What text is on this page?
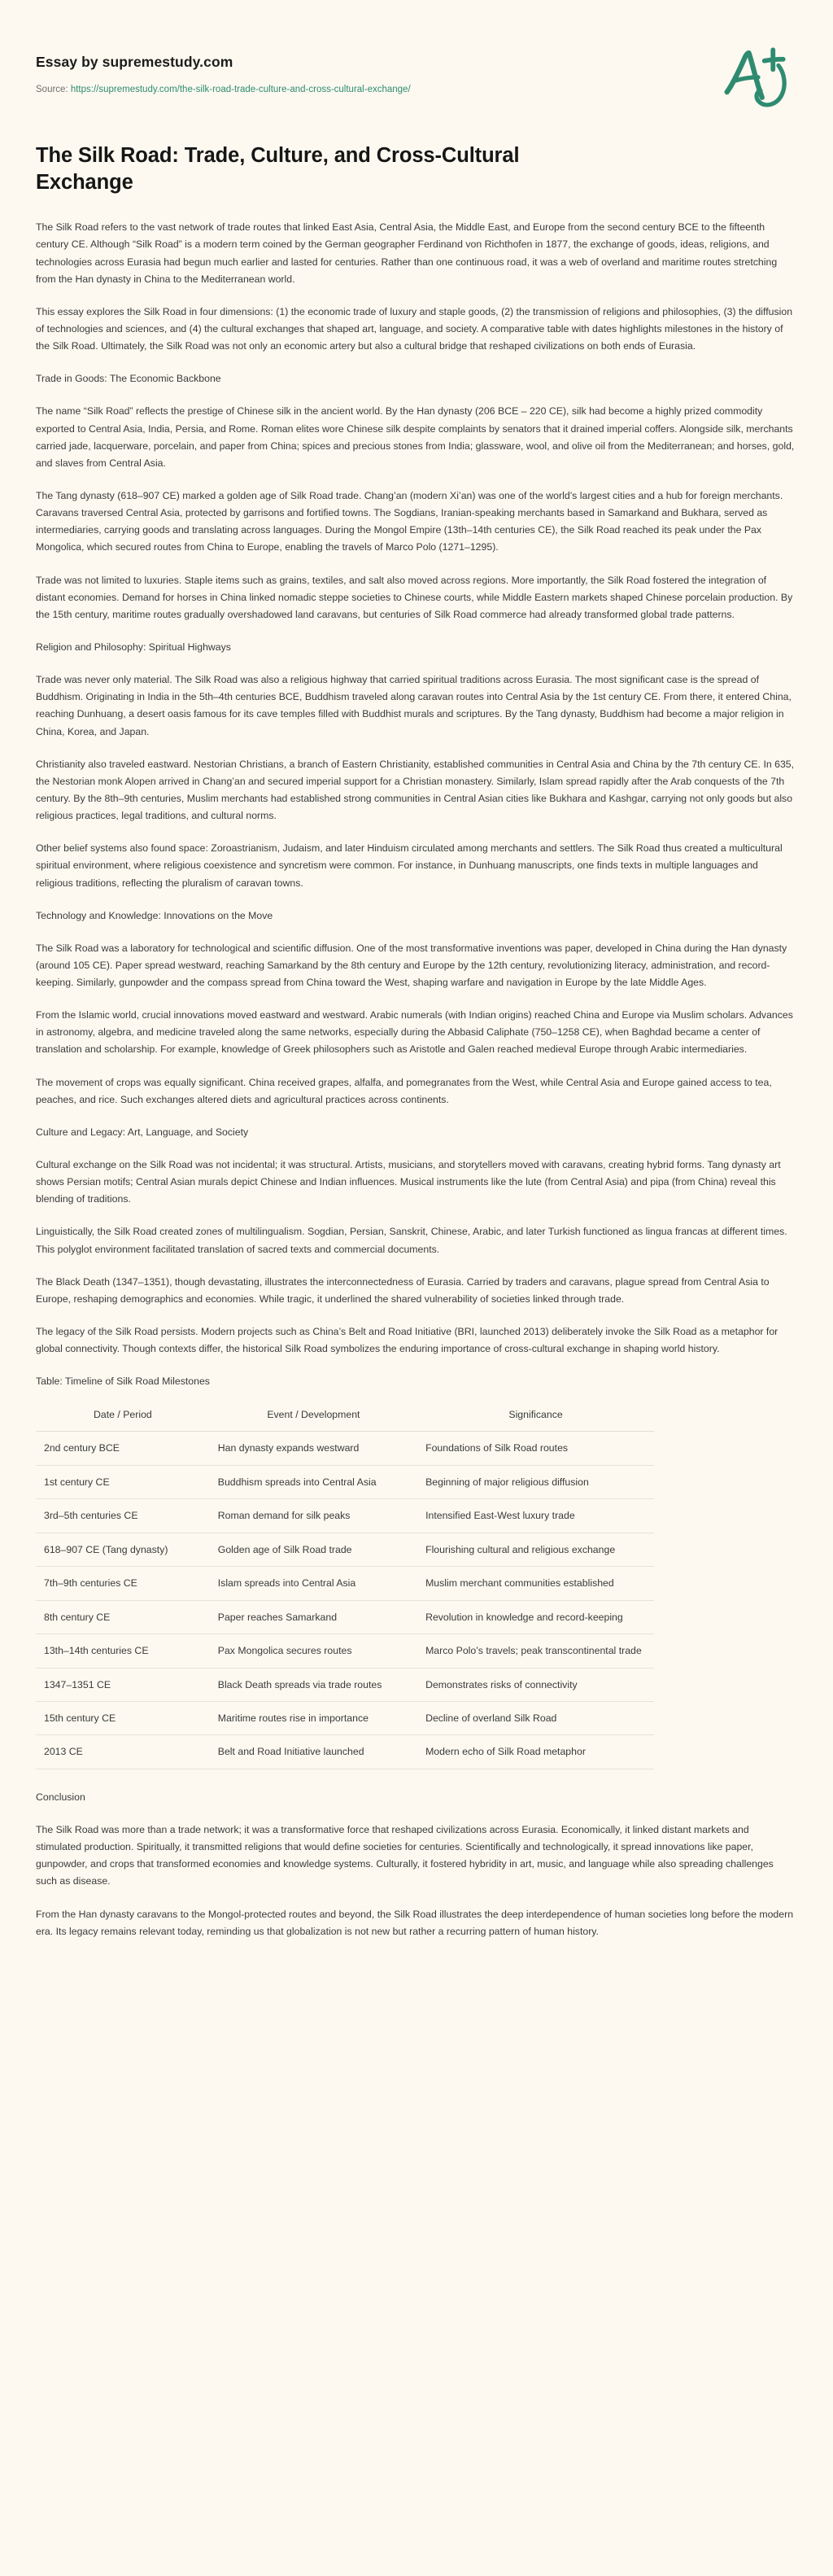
Essay by supremestudy.com
Source: https://supremestudy.com/the-silk-road-trade-culture-and-cross-cultural-exchange/
The Silk Road: Trade, Culture, and Cross-Cultural Exchange

The Silk Road refers to the vast network of trade routes that linked East Asia, Central Asia, the Middle East, and Europe from the second century BCE to the fifteenth century CE. Although “Silk Road” is a modern term coined by the German geographer Ferdinand von Richthofen in 1877, the exchange of goods, ideas, religions, and technologies across Eurasia had begun much earlier and lasted for centuries. Rather than one continuous road, it was a web of overland and maritime routes stretching from the Han dynasty in China to the Mediterranean world.

This essay explores the Silk Road in four dimensions: (1) the economic trade of luxury and staple goods, (2) the transmission of religions and philosophies, (3) the diffusion of technologies and sciences, and (4) the cultural exchanges that shaped art, language, and society. A comparative table with dates highlights milestones in the history of the Silk Road. Ultimately, the Silk Road was not only an economic artery but also a cultural bridge that reshaped civilizations on both ends of Eurasia.

Trade in Goods: The Economic Backbone

The name “Silk Road” reflects the prestige of Chinese silk in the ancient world. By the Han dynasty (206 BCE – 220 CE), silk had become a highly prized commodity exported to Central Asia, India, Persia, and Rome. Roman elites wore Chinese silk despite complaints by senators that it drained imperial coffers. Alongside silk, merchants carried jade, lacquerware, porcelain, and paper from China; spices and precious stones from India; glassware, wool, and olive oil from the Mediterranean; and horses, gold, and slaves from Central Asia.

The Tang dynasty (618–907 CE) marked a golden age of Silk Road trade. Chang’an (modern Xi’an) was one of the world’s largest cities and a hub for foreign merchants. Caravans traversed Central Asia, protected by garrisons and fortified towns. The Sogdians, Iranian-speaking merchants based in Samarkand and Bukhara, served as intermediaries, carrying goods and translating across languages. During the Mongol Empire (13th–14th centuries CE), the Silk Road reached its peak under the Pax Mongolica, which secured routes from China to Europe, enabling the travels of Marco Polo (1271–1295).

Trade was not limited to luxuries. Staple items such as grains, textiles, and salt also moved across regions. More importantly, the Silk Road fostered the integration of distant economies. Demand for horses in China linked nomadic steppe societies to Chinese courts, while Middle Eastern markets shaped Chinese porcelain production. By the 15th century, maritime routes gradually overshadowed land caravans, but centuries of Silk Road commerce had already transformed global trade patterns.

Religion and Philosophy: Spiritual Highways

Trade was never only material. The Silk Road was also a religious highway that carried spiritual traditions across Eurasia. The most significant case is the spread of Buddhism. Originating in India in the 5th–4th centuries BCE, Buddhism traveled along caravan routes into Central Asia by the 1st century CE. From there, it entered China, reaching Dunhuang, a desert oasis famous for its cave temples filled with Buddhist murals and scriptures. By the Tang dynasty, Buddhism had become a major religion in China, Korea, and Japan.

Christianity also traveled eastward. Nestorian Christians, a branch of Eastern Christianity, established communities in Central Asia and China by the 7th century CE. In 635, the Nestorian monk Alopen arrived in Chang’an and secured imperial support for a Christian monastery. Similarly, Islam spread rapidly after the Arab conquests of the 7th century. By the 8th–9th centuries, Muslim merchants had established strong communities in Central Asian cities like Bukhara and Kashgar, carrying not only goods but also religious practices, legal traditions, and cultural norms.

Other belief systems also found space: Zoroastrianism, Judaism, and later Hinduism circulated among merchants and settlers. The Silk Road thus created a multicultural spiritual environment, where religious coexistence and syncretism were common. For instance, in Dunhuang manuscripts, one finds texts in multiple languages and religious traditions, reflecting the pluralism of caravan towns.

Technology and Knowledge: Innovations on the Move

The Silk Road was a laboratory for technological and scientific diffusion. One of the most transformative inventions was paper, developed in China during the Han dynasty (around 105 CE). Paper spread westward, reaching Samarkand by the 8th century and Europe by the 12th century, revolutionizing literacy, administration, and record-keeping. Similarly, gunpowder and the compass spread from China toward the West, shaping warfare and navigation in Europe by the late Middle Ages.

From the Islamic world, crucial innovations moved eastward and westward. Arabic numerals (with Indian origins) reached China and Europe via Muslim scholars. Advances in astronomy, algebra, and medicine traveled along the same networks, especially during the Abbasid Caliphate (750–1258 CE), when Baghdad became a center of translation and scholarship. For example, knowledge of Greek philosophers such as Aristotle and Galen reached medieval Europe through Arabic intermediaries.

The movement of crops was equally significant. China received grapes, alfalfa, and pomegranates from the West, while Central Asia and Europe gained access to tea, peaches, and rice. Such exchanges altered diets and agricultural practices across continents.

Culture and Legacy: Art, Language, and Society

Cultural exchange on the Silk Road was not incidental; it was structural. Artists, musicians, and storytellers moved with caravans, creating hybrid forms. Tang dynasty art shows Persian motifs; Central Asian murals depict Chinese and Indian influences. Musical instruments like the lute (from Central Asia) and pipa (from China) reveal this blending of traditions.

Linguistically, the Silk Road created zones of multilingualism. Sogdian, Persian, Sanskrit, Chinese, Arabic, and later Turkish functioned as lingua francas at different times. This polyglot environment facilitated translation of sacred texts and commercial documents.

The Black Death (1347–1351), though devastating, illustrates the interconnectedness of Eurasia. Carried by traders and caravans, plague spread from Central Asia to Europe, reshaping demographics and economies. While tragic, it underlined the shared vulnerability of societies linked through trade.

The legacy of the Silk Road persists. Modern projects such as China’s Belt and Road Initiative (BRI, launched 2013) deliberately invoke the Silk Road as a metaphor for global connectivity. Though contexts differ, the historical Silk Road symbolizes the enduring importance of cross-cultural exchange in shaping world history.

Table: Timeline of Silk Road Milestones

Date / Period	Event / Development	Significance
2nd century BCE	Han dynasty expands westward	Foundations of Silk Road routes
1st century CE	Buddhism spreads into Central Asia	Beginning of major religious diffusion
3rd–5th centuries CE	Roman demand for silk peaks	Intensified East-West luxury trade
618–907 CE (Tang dynasty)	Golden age of Silk Road trade	Flourishing cultural and religious exchange
7th–9th centuries CE	Islam spreads into Central Asia	Muslim merchant communities established
8th century CE	Paper reaches Samarkand	Revolution in knowledge and record-keeping
13th–14th centuries CE	Pax Mongolica secures routes	Marco Polo’s travels; peak transcontinental trade
1347–1351 CE	Black Death spreads via trade routes	Demonstrates risks of connectivity
15th century CE	Maritime routes rise in importance	Decline of overland Silk Road
2013 CE	Belt and Road Initiative launched	Modern echo of Silk Road metaphor

Conclusion

The Silk Road was more than a trade network; it was a transformative force that reshaped civilizations across Eurasia. Economically, it linked distant markets and stimulated production. Spiritually, it transmitted religions that would define societies for centuries. Scientifically and technologically, it spread innovations like paper, gunpowder, and crops that transformed economies and knowledge systems. Culturally, it fostered hybridity in art, music, and language while also spreading challenges such as disease.

From the Han dynasty caravans to the Mongol-protected routes and beyond, the Silk Road illustrates the deep interdependence of human societies long before the modern era. Its legacy remains relevant today, reminding us that globalization is not new but rather a recurring pattern of human history.
